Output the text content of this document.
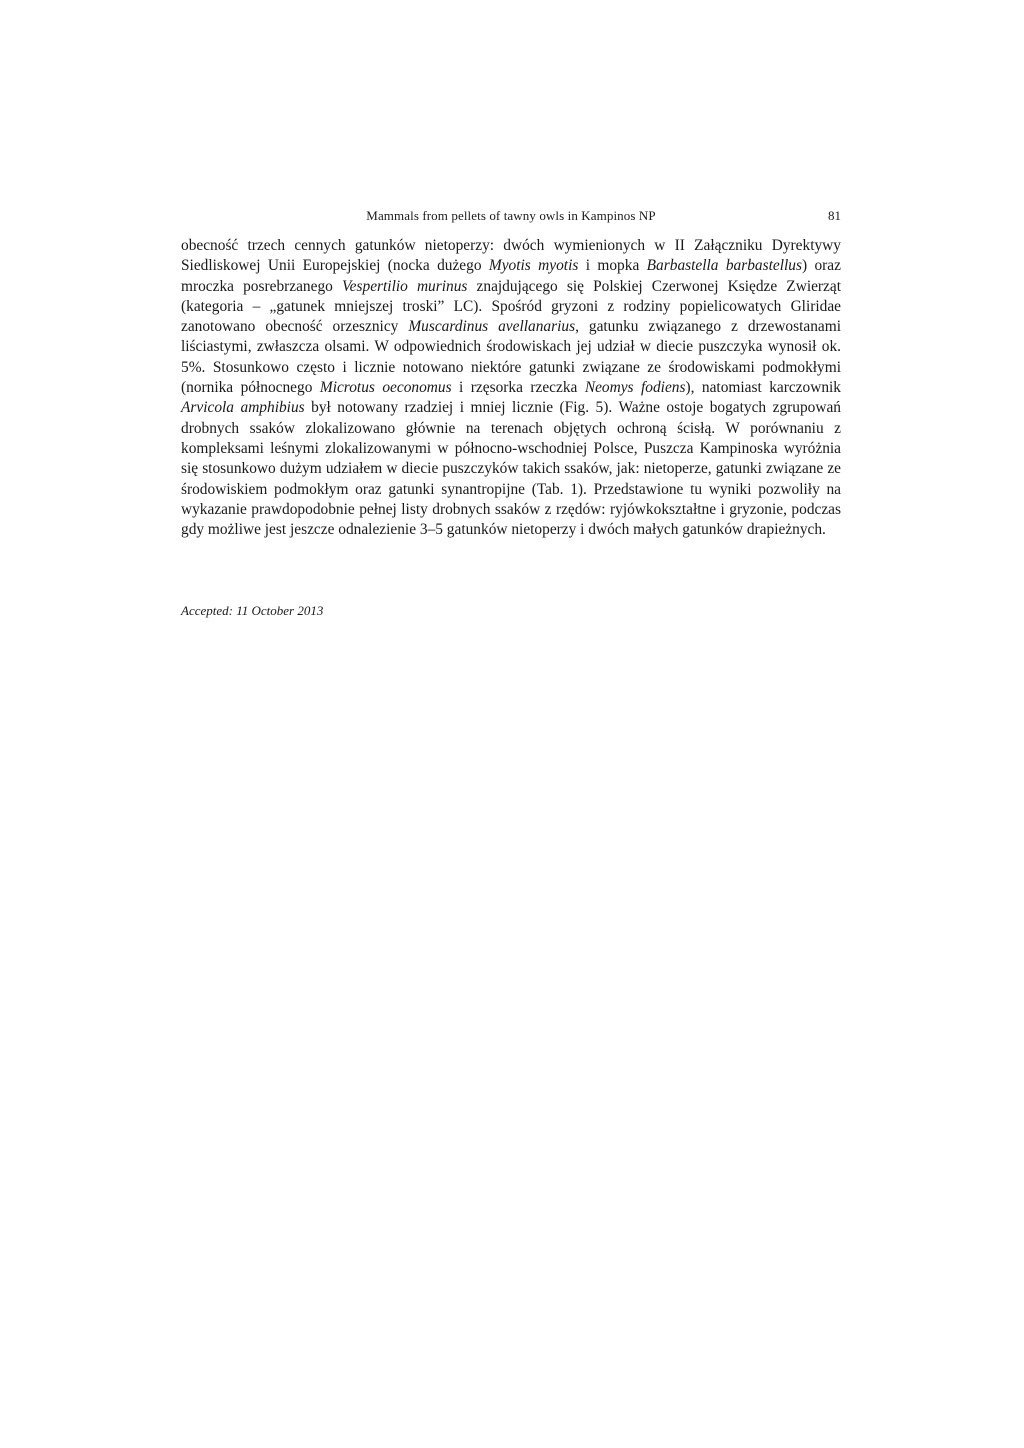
Mammals from pellets of tawny owls in Kampinos NP	81

obecność trzech cennych gatunków nietoperzy: dwóch wymienionych w II Załączniku Dyrektywy Siedliskowej Unii Europejskiej (nocka dużego Myotis myotis i mopka Barbastella barbastellus) oraz mroczka posrebrzanego Vespertilio murinus znajdującego się Polskiej Czerwonej Księdze Zwierząt (kategoria – „gatunek mniejszej troski” LC). Spośród gryzoni z rodziny popielicowatych Gliridae zanotowano obecność orzesznicy Muscardinus avellanarius, gatunku związanego z drzewostanami liściastymi, zwłaszcza olsami. W odpowiednich środowiskach jej udział w diecie puszczyka wynosił ok. 5%. Stosunkowo często i licznie notowano niektóre gatunki związane ze środowiskami podmokłymi (nornika północnego Microtus oeconomus i rzęsorka rzeczka Neomys fodiens), natomiast karczownik Arvicola amphibius był notowany rzadziej i mniej licznie (Fig. 5). Ważne ostoje bogatych zgrupowań drobnych ssaków zlokalizowano głównie na terenach objętych ochroną ścisłą. W porównaniu z kompleksami leśnymi zlokalizowanymi w północno-wschodniej Polsce, Puszcza Kampinoska wyróżnia się stosunkowo dużym udziałem w diecie puszczyków takich ssaków, jak: nietoperze, gatunki związane ze środowiskiem podmokłym oraz gatunki synantropijne (Tab. 1). Przedstawione tu wyniki pozwoliły na wykazanie prawdopodobnie pełnej listy drobnych ssaków z rzędów: ryjówkokształtne i gryzonie, podczas gdy możliwe jest jeszcze odnalezienie 3–5 gatunków nietoperzy i dwóch małych gatunków drapieżnych.

Accepted: 11 October 2013
